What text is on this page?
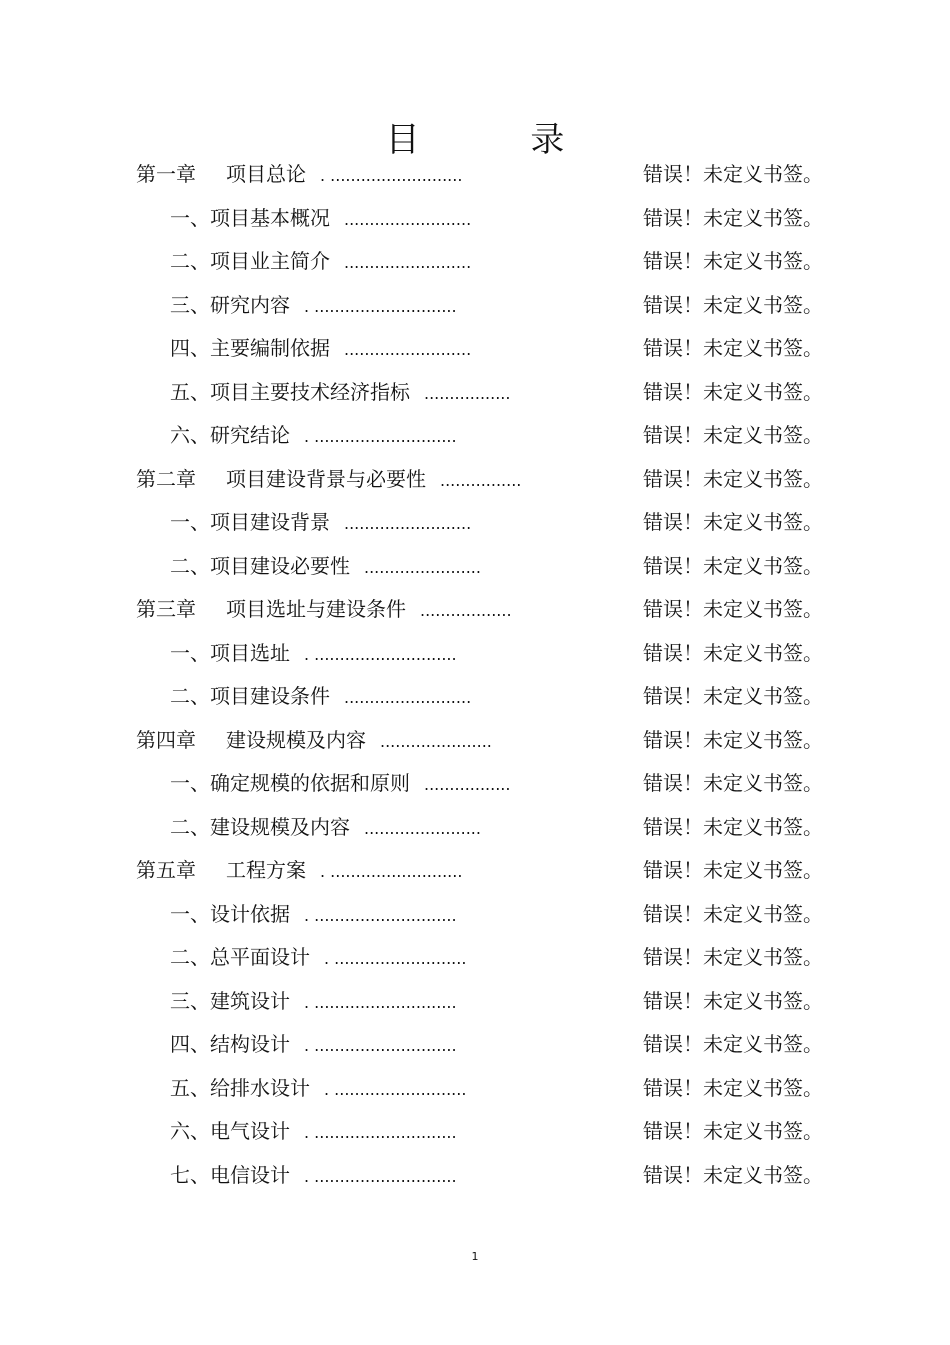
目 录
第一章 项目总论 . ..........................	错误！未定义书签。
一、项目基本概况 .........................	错误！未定义书签。
二、项目业主简介 .........................	错误！未定义书签。
三、研究内容 . ............................	错误！未定义书签。
四、主要编制依据 .........................	错误！未定义书签。
五、项目主要技术经济指标 .................	错误！未定义书签。
六、研究结论 . ............................	错误！未定义书签。
第二章 项目建设背景与必要性 ................	错误！未定义书签。
一、项目建设背景 .........................	错误！未定义书签。
二、项目建设必要性 .......................	错误！未定义书签。
第三章 项目选址与建设条件 ..................	错误！未定义书签。
一、项目选址 . ............................	错误！未定义书签。
二、项目建设条件 .........................	错误！未定义书签。
第四章 建设规模及内容 ......................	错误！未定义书签。
一、确定规模的依据和原则 .................	错误！未定义书签。
二、建设规模及内容 .......................	错误！未定义书签。
第五章 工程方案 . ..........................	错误！未定义书签。
一、设计依据 . ............................	错误！未定义书签。
二、总平面设计 . ..........................	错误！未定义书签。
三、建筑设计 . ............................	错误！未定义书签。
四、结构设计 . ............................	错误！未定义书签。
五、给排水设计 . ..........................	错误！未定义书签。
六、电气设计 . ............................	错误！未定义书签。
七、电信设计 . ............................	错误！未定义书签。
1
